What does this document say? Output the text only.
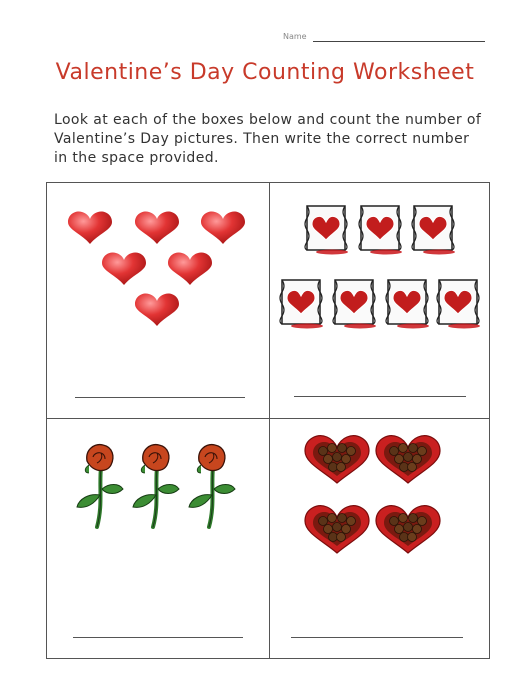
Name
Valentine’s Day Counting Worksheet
Look at each of the boxes below and count the number of Valentine’s Day pictures. Then write the correct number in the space provided.
